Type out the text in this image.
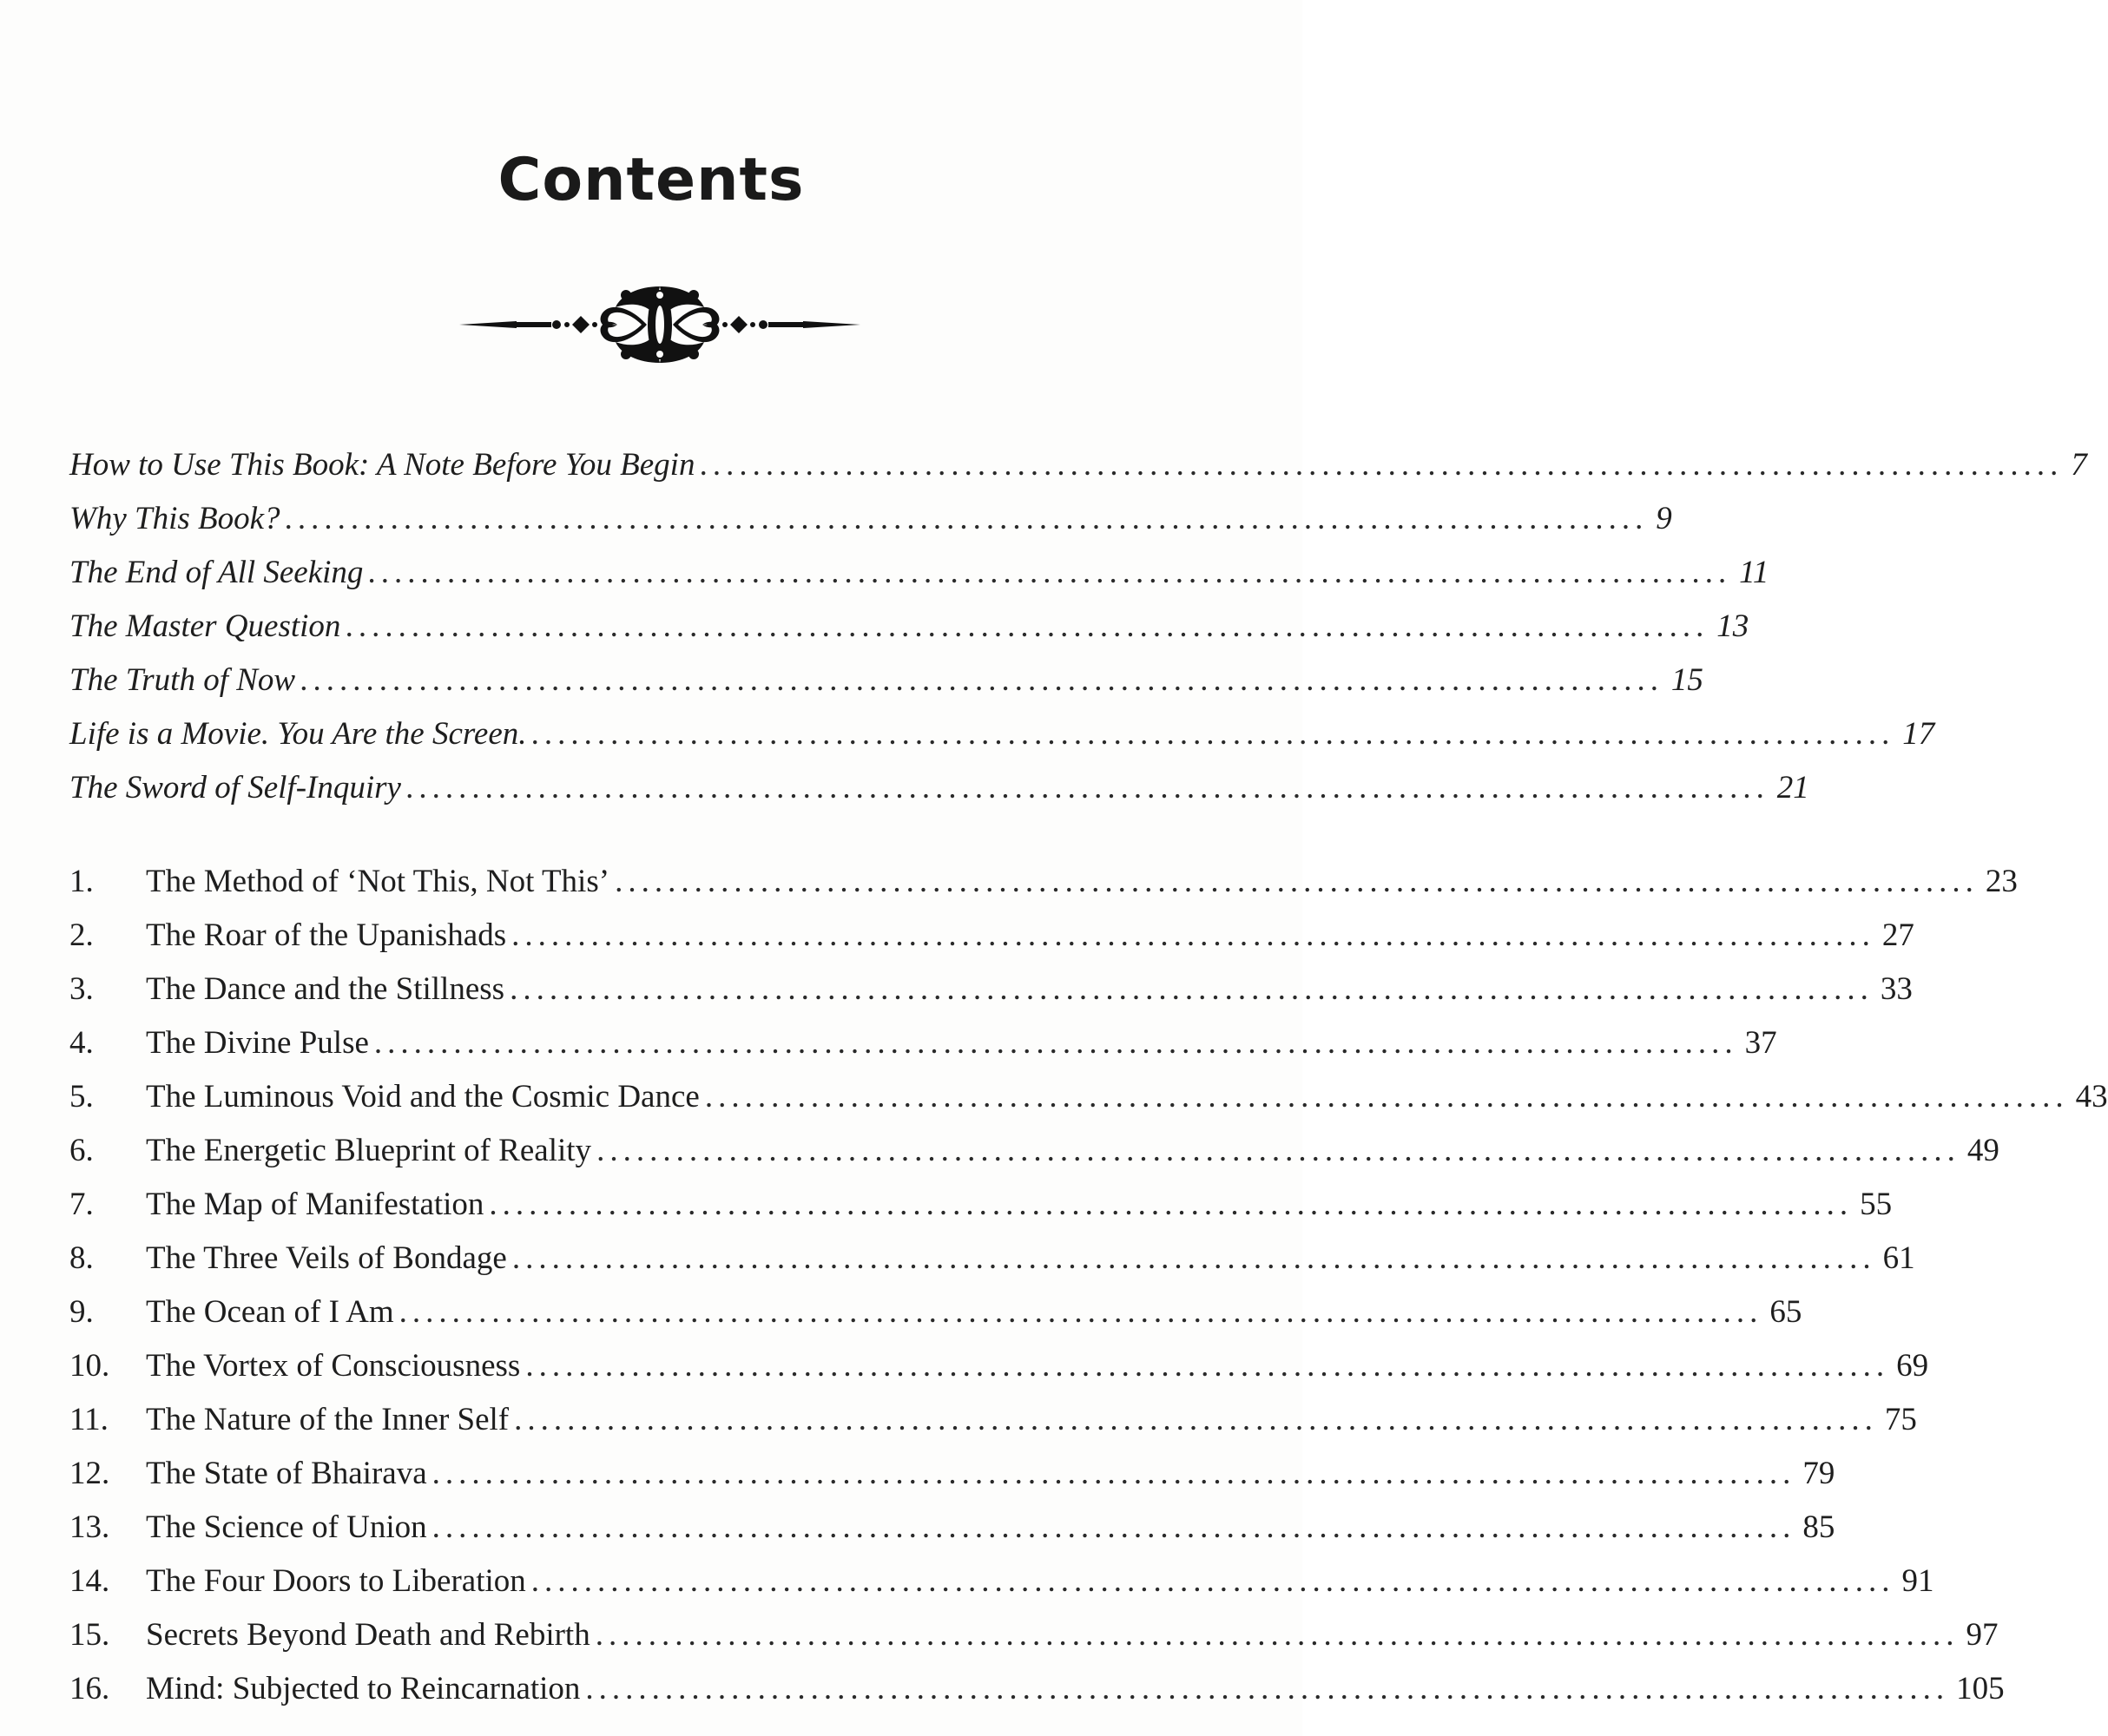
Contents
How to Use This Book: A Note Before You Begin ....................................................................................................... 7
Why This Book? ....................................................................................................... 9
The End of All Seeking ....................................................................................................... 11
The Master Question ....................................................................................................... 13
The Truth of Now ....................................................................................................... 15
Life is a Movie. You Are the Screen. ....................................................................................................... 17
The Sword of Self-Inquiry ....................................................................................................... 21
1.	The Method of ‘Not This, Not This’ ....................................................................................................... 23
2.	The Roar of the Upanishads ....................................................................................................... 27
3.	The Dance and the Stillness ....................................................................................................... 33
4.	The Divine Pulse ....................................................................................................... 37
5.	The Luminous Void and the Cosmic Dance ....................................................................................................... 43
6.	The Energetic Blueprint of Reality ....................................................................................................... 49
7.	The Map of Manifestation ....................................................................................................... 55
8.	The Three Veils of Bondage ....................................................................................................... 61
9.	The Ocean of I Am ....................................................................................................... 65
10.	The Vortex of Consciousness ....................................................................................................... 69
11.	The Nature of the Inner Self ....................................................................................................... 75
12.	The State of Bhairava ....................................................................................................... 79
13.	The Science of Union ....................................................................................................... 85
14.	The Four Doors to Liberation ....................................................................................................... 91
15.	Secrets Beyond Death and Rebirth ....................................................................................................... 97
16.	Mind: Subjected to Reincarnation ....................................................................................................... 105
